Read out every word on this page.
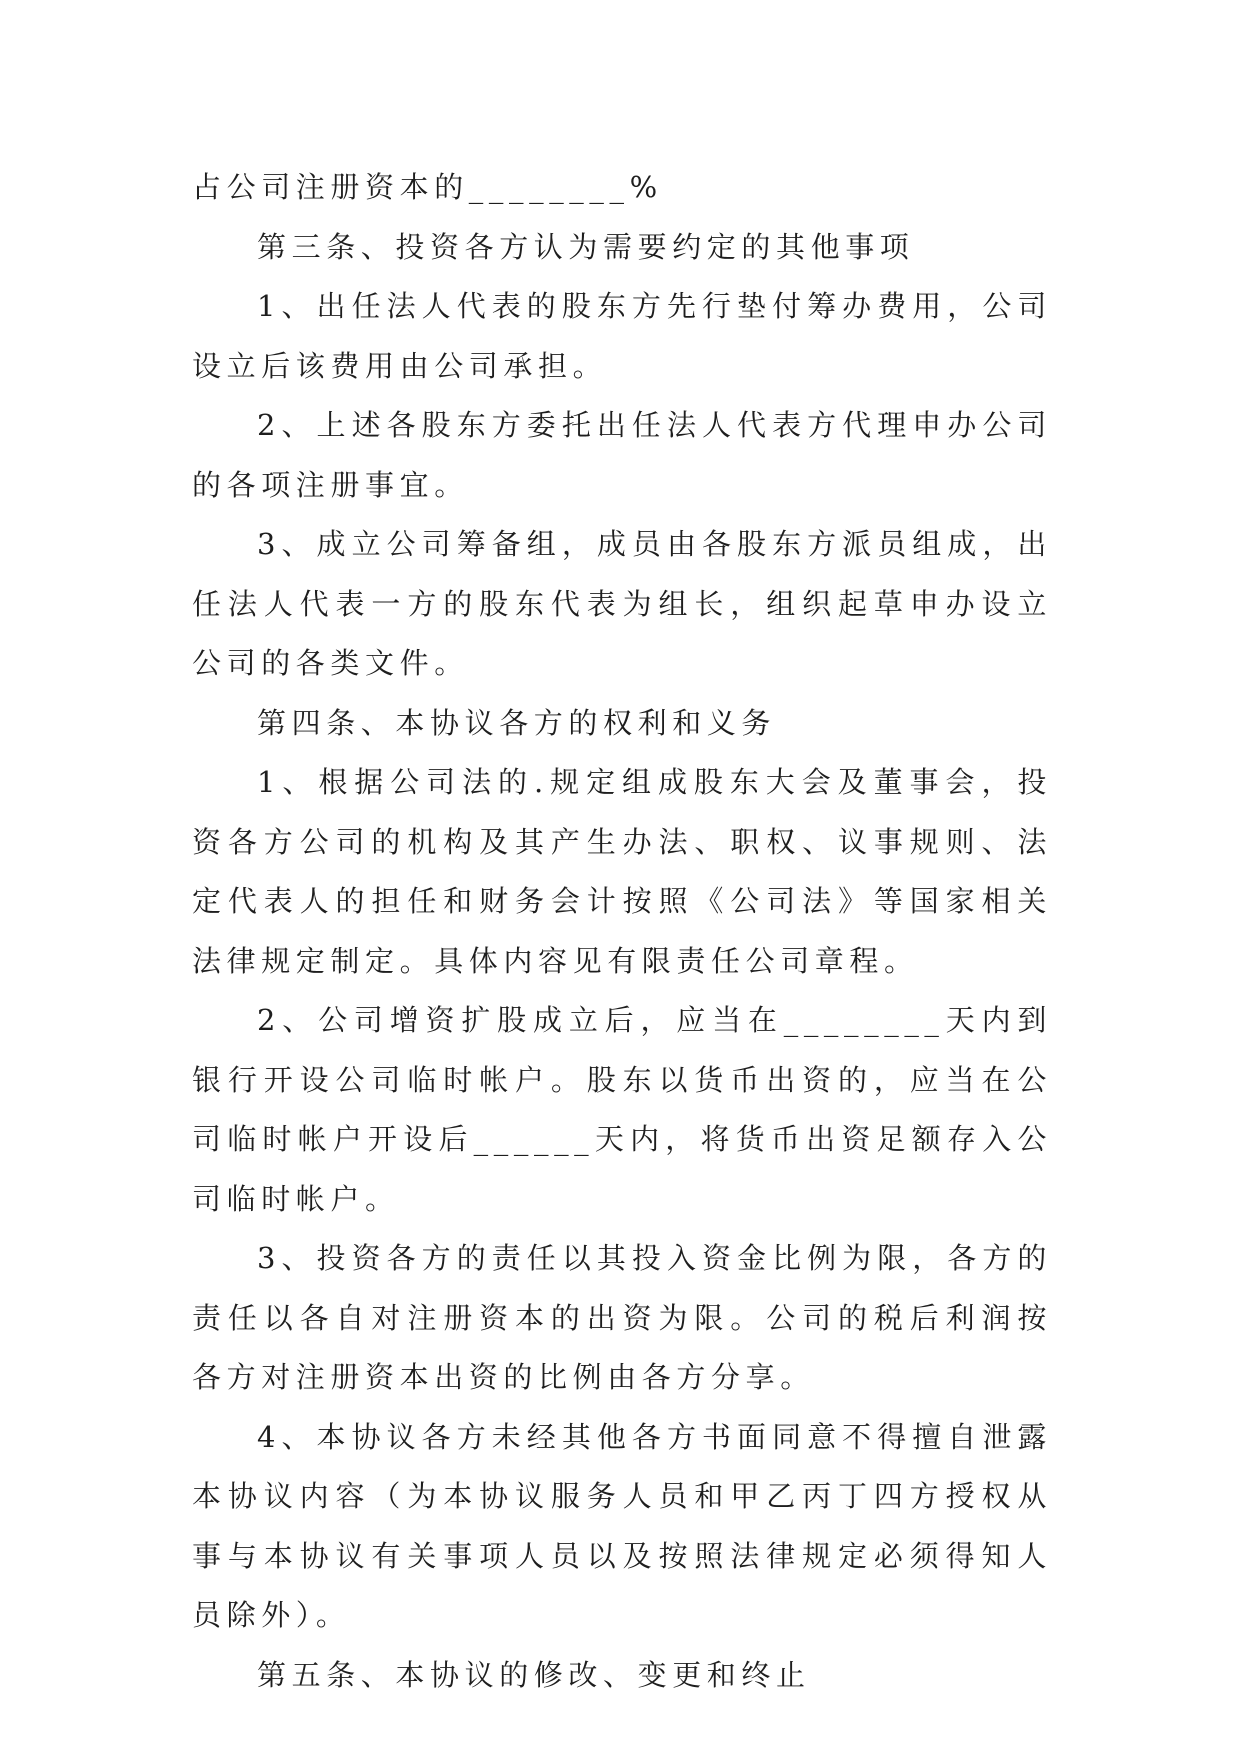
占公司注册资本的________%

第三条、投资各方认为需要约定的其他事项

1、出任法人代表的股东方先行垫付筹办费用，公司设立后该费用由公司承担。

2、上述各股东方委托出任法人代表方代理申办公司的各项注册事宜。

3、成立公司筹备组，成员由各股东方派员组成，出任法人代表一方的股东代表为组长，组织起草申办设立公司的各类文件。

第四条、本协议各方的权利和义务

1、根据公司法的.规定组成股东大会及董事会，投资各方公司的机构及其产生办法、职权、议事规则、法定代表人的担任和财务会计按照《公司法》等国家相关法律规定制定。具体内容见有限责任公司章程。

2、公司增资扩股成立后，应当在________天内到银行开设公司临时帐户。股东以货币出资的，应当在公司临时帐户开设后______天内，将货币出资足额存入公司临时帐户。

3、投资各方的责任以其投入资金比例为限，各方的责任以各自对注册资本的出资为限。公司的税后利润按各方对注册资本出资的比例由各方分享。

4、本协议各方未经其他各方书面同意不得擅自泄露本协议内容（为本协议服务人员和甲乙丙丁四方授权从事与本协议有关事项人员以及按照法律规定必须得知人员除外）。

第五条、本协议的修改、变更和终止
